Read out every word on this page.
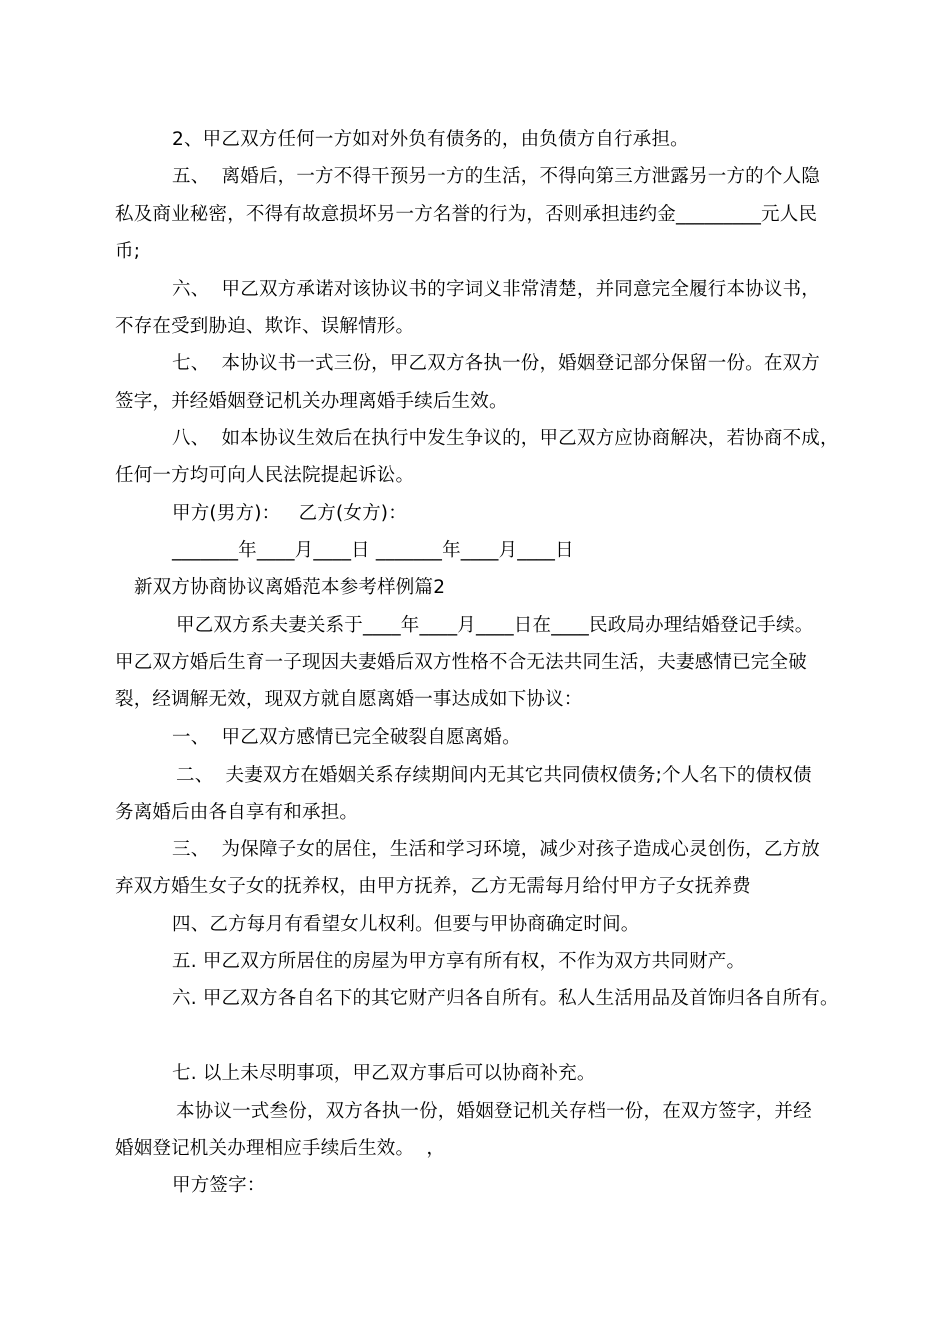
2、甲乙双方任何一方如对外负有债务的，由负债方自行承担。
五、  离婚后，一方不得干预另一方的生活，不得向第三方泄露另一方的个人隐
私及商业秘密，不得有故意损坏另一方名誉的行为，否则承担违约金_________元人民
币;
六、  甲乙双方承诺对该协议书的字词义非常清楚，并同意完全履行本协议书，
不存在受到胁迫、欺诈、误解情形。
七、  本协议书一式三份，甲乙双方各执一份，婚姻登记部分保留一份。在双方
签字，并经婚姻登记机关办理离婚手续后生效。
八、  如本协议生效后在执行中发生争议的，甲乙双方应协商解决，若协商不成，
任何一方均可向人民法院提起诉讼。
甲方(男方)：   乙方(女方)：
_______年____月____日 _______年____月____日
新双方协商协议离婚范本参考样例篇2
甲乙双方系夫妻关系于____年____月____日在____民政局办理结婚登记手续。
甲乙双方婚后生育一子现因夫妻婚后双方性格不合无法共同生活，夫妻感情已完全破
裂，经调解无效，现双方就自愿离婚一事达成如下协议：
一、  甲乙双方感情已完全破裂自愿离婚。
二、  夫妻双方在婚姻关系存续期间内无其它共同债权债务;个人名下的债权债
务离婚后由各自享有和承担。
三、  为保障子女的居住，生活和学习环境，减少对孩子造成心灵创伤，乙方放
弃双方婚生女子女的抚养权，由甲方抚养，乙方无需每月给付甲方子女抚养费
四、乙方每月有看望女儿权利。但要与甲协商确定时间。
五. 甲乙双方所居住的房屋为甲方享有所有权，不作为双方共同财产。
六. 甲乙双方各自名下的其它财产归各自所有。私人生活用品及首饰归各自所有。
七. 以上未尽明事项，甲乙双方事后可以协商补充。
本协议一式叁份，双方各执一份，婚姻登记机关存档一份，在双方签字，并经
婚姻登记机关办理相应手续后生效。  ，
甲方签字：
